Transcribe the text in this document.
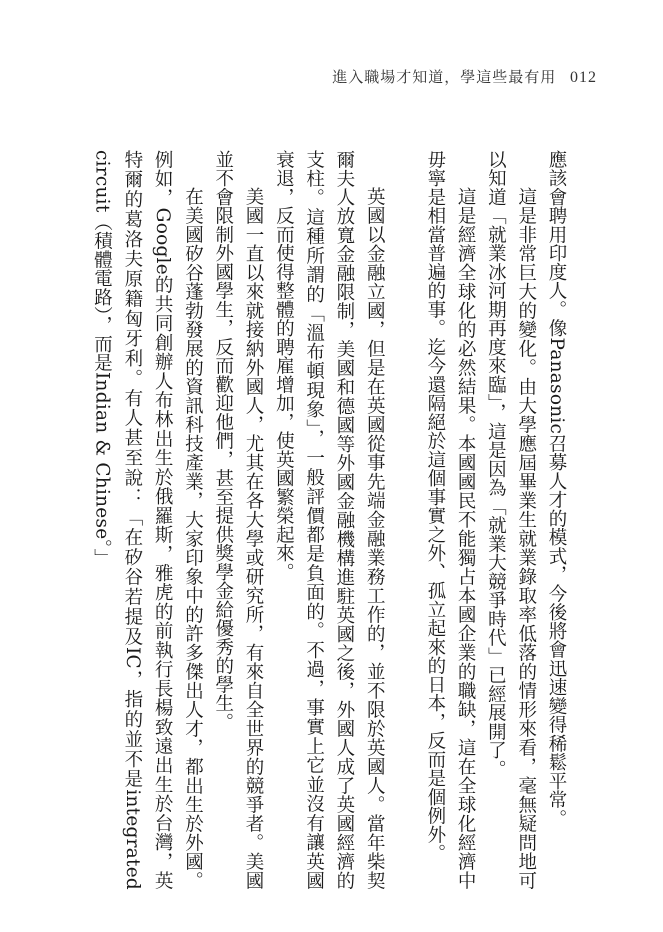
進入職場才知道，學這些最有用 012

應該會聘用印度人。像Panasonic召募人才的模式，今後將會迅速變得稀鬆平常。

這是非常巨大的變化。由大學應屆畢業生就業錄取率低落的情形來看，毫無疑問地可以知道「就業冰河期再度來臨」，這是因為「就業大競爭時代」已經展開了。

這是經濟全球化的必然結果。本國國民不能獨占本國企業的職缺，這在全球化經濟中毋寧是相當普遍的事。迄今還隔絕於這個事實之外、孤立起來的日本，反而是個例外。

英國以金融立國，但是在英國從事先端金融業務工作的，並不限於英國人。當年柴契爾夫人放寬金融限制，美國和德國等外國金融機構進駐英國之後，外國人成了英國經濟的支柱。這種所謂的「溫布頓現象」，一般評價都是負面的。不過，事實上它並沒有讓英國衰退，反而使得整體的聘雇增加，使英國繁榮起來。

美國一直以來就接納外國人，尤其在各大學或研究所，有來自全世界的競爭者。美國並不會限制外國學生，反而歡迎他們，甚至提供獎學金給優秀的學生。

在美國矽谷蓬勃發展的資訊科技產業，大家印象中的許多傑出人才，都出生於外國。例如，Google的共同創辦人布林出生於俄羅斯，雅虎的前執行長楊致遠出生於台灣，英特爾的葛洛夫原籍匈牙利。有人甚至說：「在矽谷若提及IC，指的並不是integrated circuit（積體電路），而是Indian & Chinese。」
